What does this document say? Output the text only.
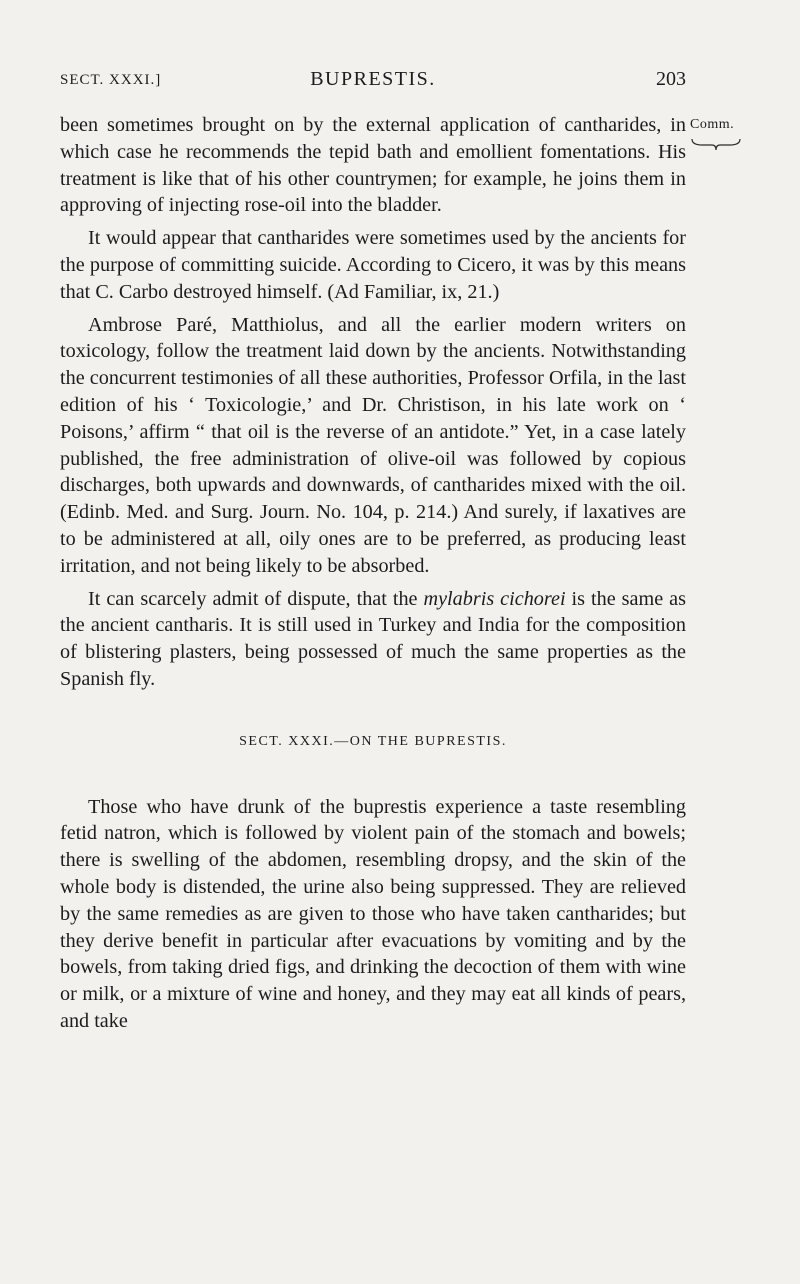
SECT. XXXI.]	BUPRESTIS.	203
Comm.

been sometimes brought on by the external application of cantharides, in which case he recommends the tepid bath and emollient fomentations. His treatment is like that of his other countrymen; for example, he joins them in approving of injecting rose-oil into the bladder.

It would appear that cantharides were sometimes used by the ancients for the purpose of committing suicide. According to Cicero, it was by this means that C. Carbo destroyed himself. (Ad Familiar, ix, 21.)

Ambrose Paré, Matthiolus, and all the earlier modern writers on toxicology, follow the treatment laid down by the ancients. Notwithstanding the concurrent testimonies of all these authorities, Professor Orfila, in the last edition of his ‘ Toxicologie,’ and Dr. Christison, in his late work on ‘ Poisons,’ affirm “ that oil is the reverse of an antidote.” Yet, in a case lately published, the free administration of olive-oil was followed by copious discharges, both upwards and downwards, of cantharides mixed with the oil. (Edinb. Med. and Surg. Journ. No. 104, p. 214.) And surely, if laxatives are to be administered at all, oily ones are to be preferred, as producing least irritation, and not being likely to be absorbed.

It can scarcely admit of dispute, that the mylabris cichorei is the same as the ancient cantharis. It is still used in Turkey and India for the composition of blistering plasters, being possessed of much the same properties as the Spanish fly.

SECT. XXXI.—ON THE BUPRESTIS.

Those who have drunk of the buprestis experience a taste resembling fetid natron, which is followed by violent pain of the stomach and bowels; there is swelling of the abdomen, resembling dropsy, and the skin of the whole body is distended, the urine also being suppressed. They are relieved by the same remedies as are given to those who have taken cantharides; but they derive benefit in particular after evacuations by vomiting and by the bowels, from taking dried figs, and drinking the decoction of them with wine or milk, or a mixture of wine and honey, and they may eat all kinds of pears, and take
